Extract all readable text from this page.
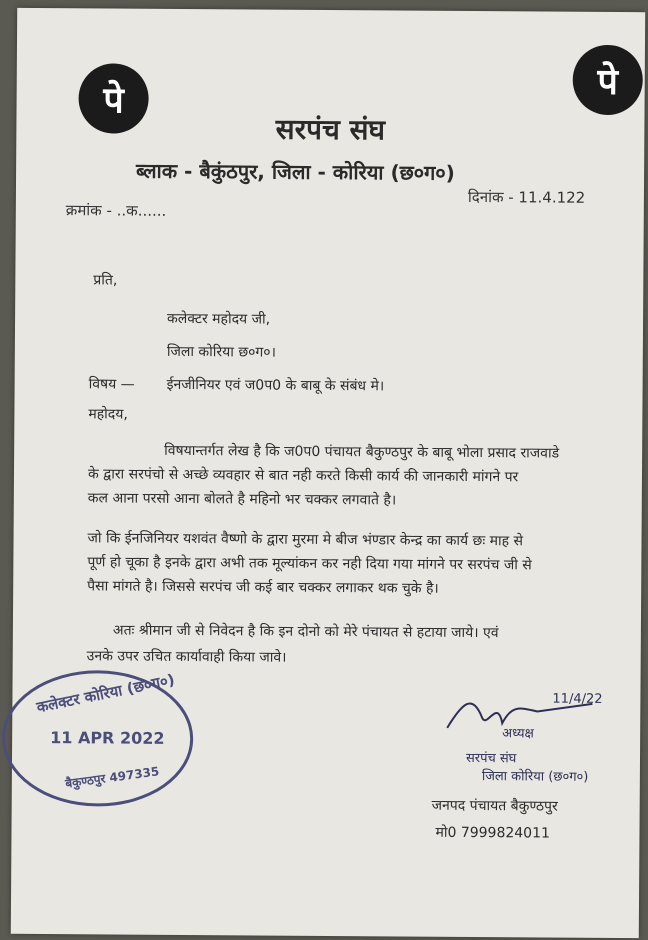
पे	पे
सरपंच संघ
ब्लाक - बैकुंठपुर, जिला - कोरिया (छ०ग०)
क्रमांक - ..क......
दिनांक - 11.4.122
प्रति,
कलेक्टर महोदय जी,
जिला कोरिया छ०ग०।
विषय — ईनजीनियर एवं ज0प0 के बाबू के संबंध मे।
महोदय,
विषयान्तर्गत लेख है कि ज0प0 पंचायत बैकुण्ठपुर के बाबू भोला प्रसाद राजवाडे
के द्वारा सरपंचो से अच्छे व्यवहार से बात नही करते किसी कार्य की जानकारी मांगने पर
कल आना परसो आना बोलते है महिनो भर चक्कर लगवाते है।
जो कि ईनजिनियर यशवंत वैष्णो के द्वारा मुरमा मे बीज भंण्डार केन्द्र का कार्य छः माह से
पूर्ण हो चूका है इनके द्वारा अभी तक मूल्यांकन कर नही दिया गया मांगने पर सरपंच जी से
पैसा मांगते है। जिससे सरपंच जी कई बार चक्कर लगाकर थक चुके है।
अतः श्रीमान जी से निवेदन है कि इन दोनो को मेरे पंचायत से हटाया जाये। एवं
उनके उपर उचित कार्यावाही किया जावे।
कलेक्टर कोरिया (छ०ग०)
11 APR 2022
बैकुण्ठपुर 497335
11/4/22
अध्यक्ष
सरपंच संघ
जिला कोरिया (छ०ग०)
जनपद पंचायत बैकुण्ठपुर
मो0 7999824011
